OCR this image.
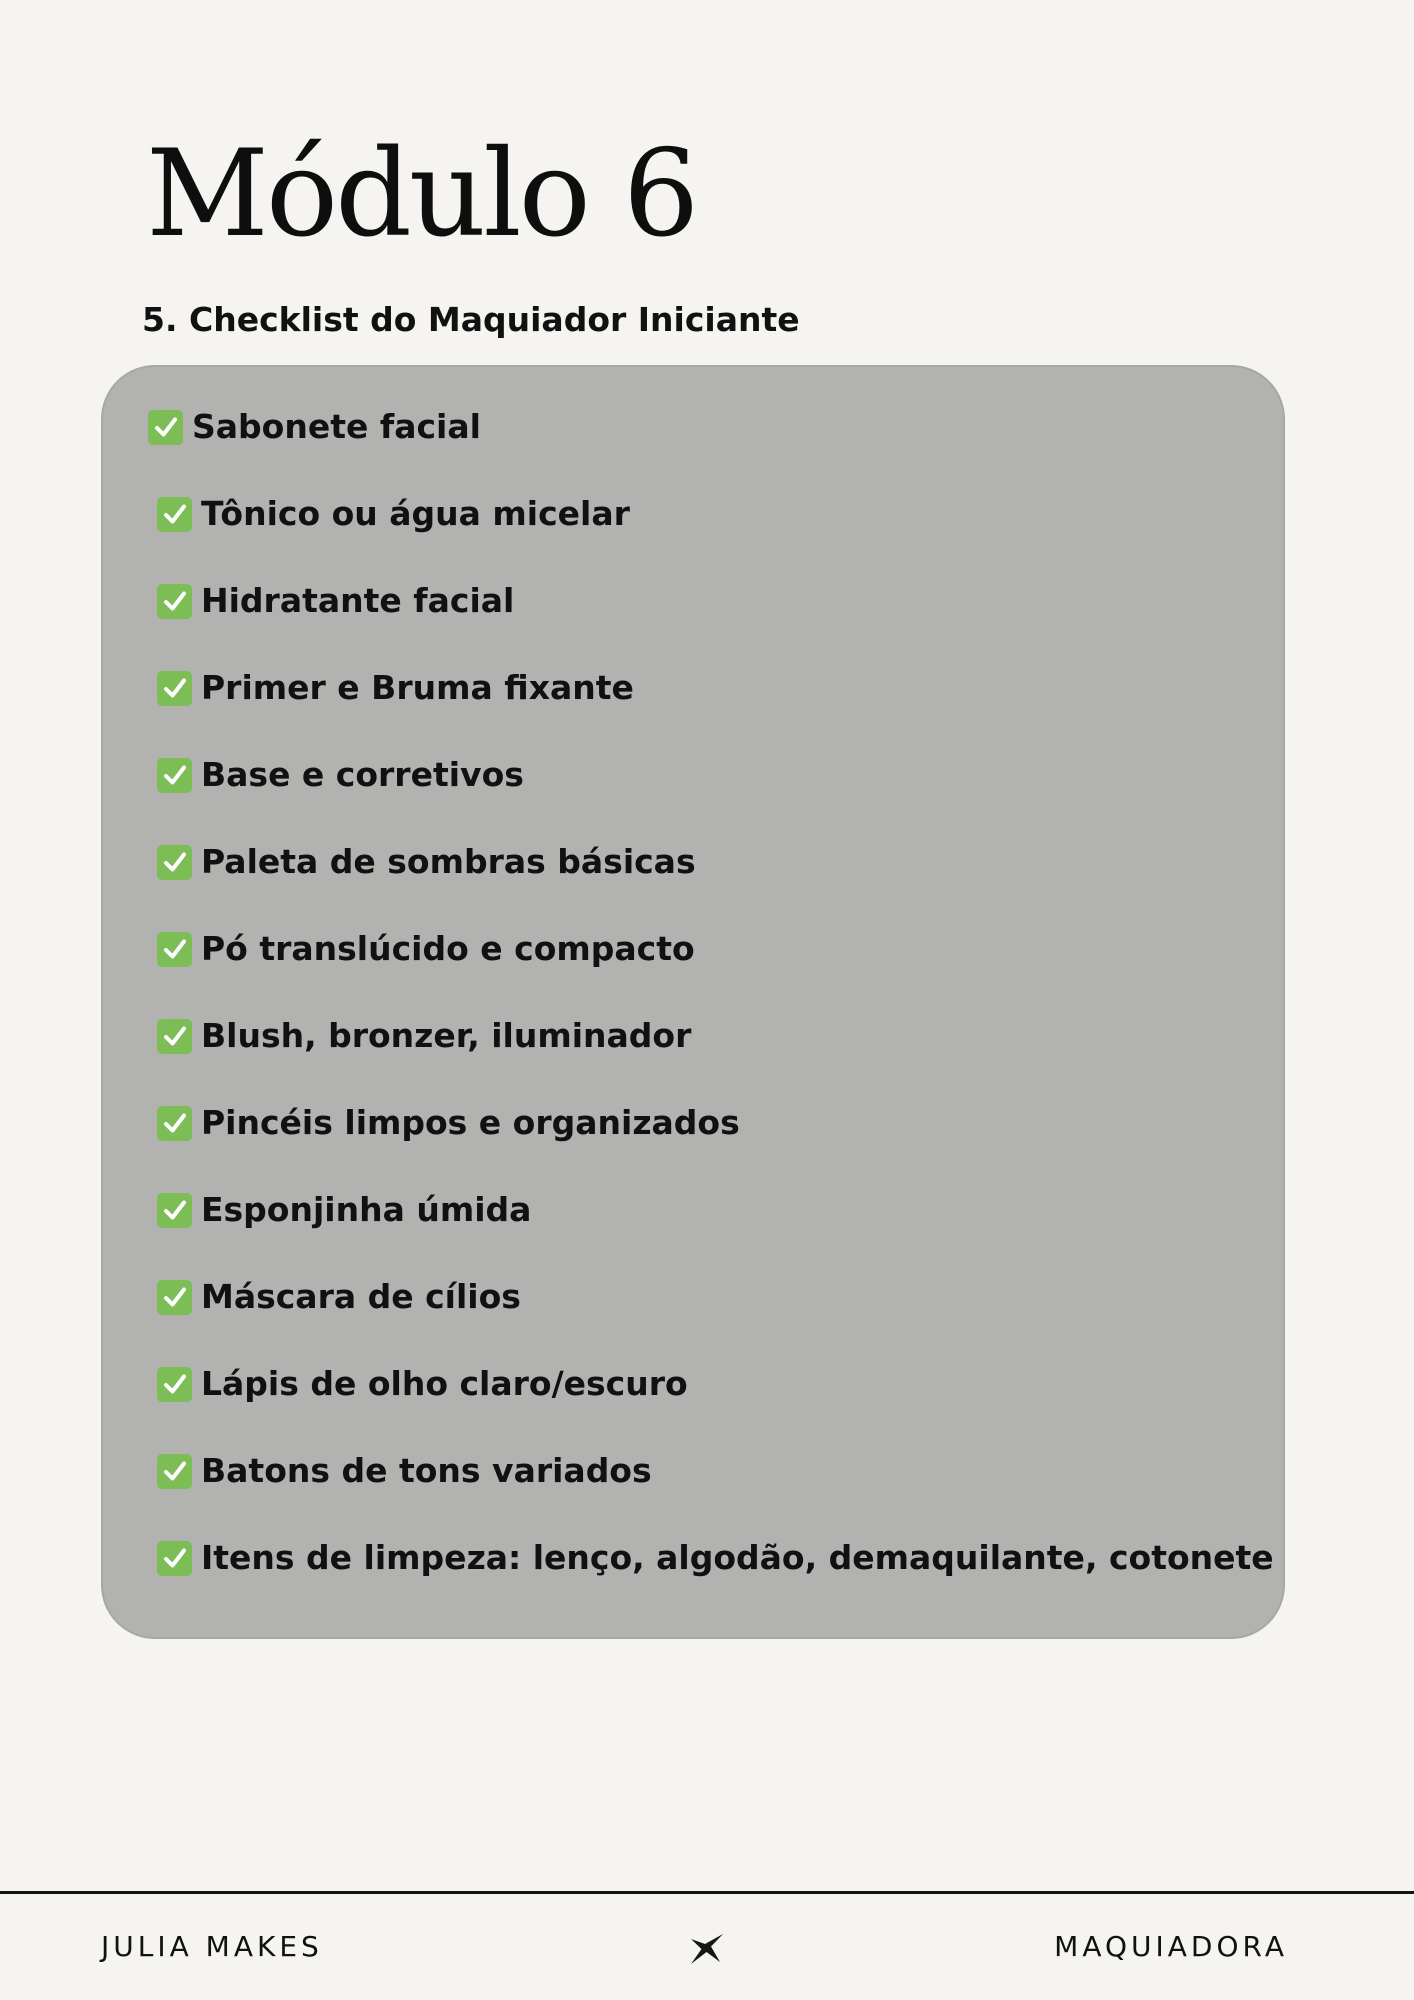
Módulo 6
5. Checklist do Maquiador Iniciante
Sabonete facial
Tônico ou água micelar
Hidratante facial
Primer e Bruma fixante
Base e corretivos
Paleta de sombras básicas
Pó translúcido e compacto
Blush, bronzer, iluminador
Pincéis limpos e organizados
Esponjinha úmida
Máscara de cílios
Lápis de olho claro/escuro
Batons de tons variados
Itens de limpeza: lenço, algodão, demaquilante, cotonete
JULIA MAKES	MAQUIADORA
